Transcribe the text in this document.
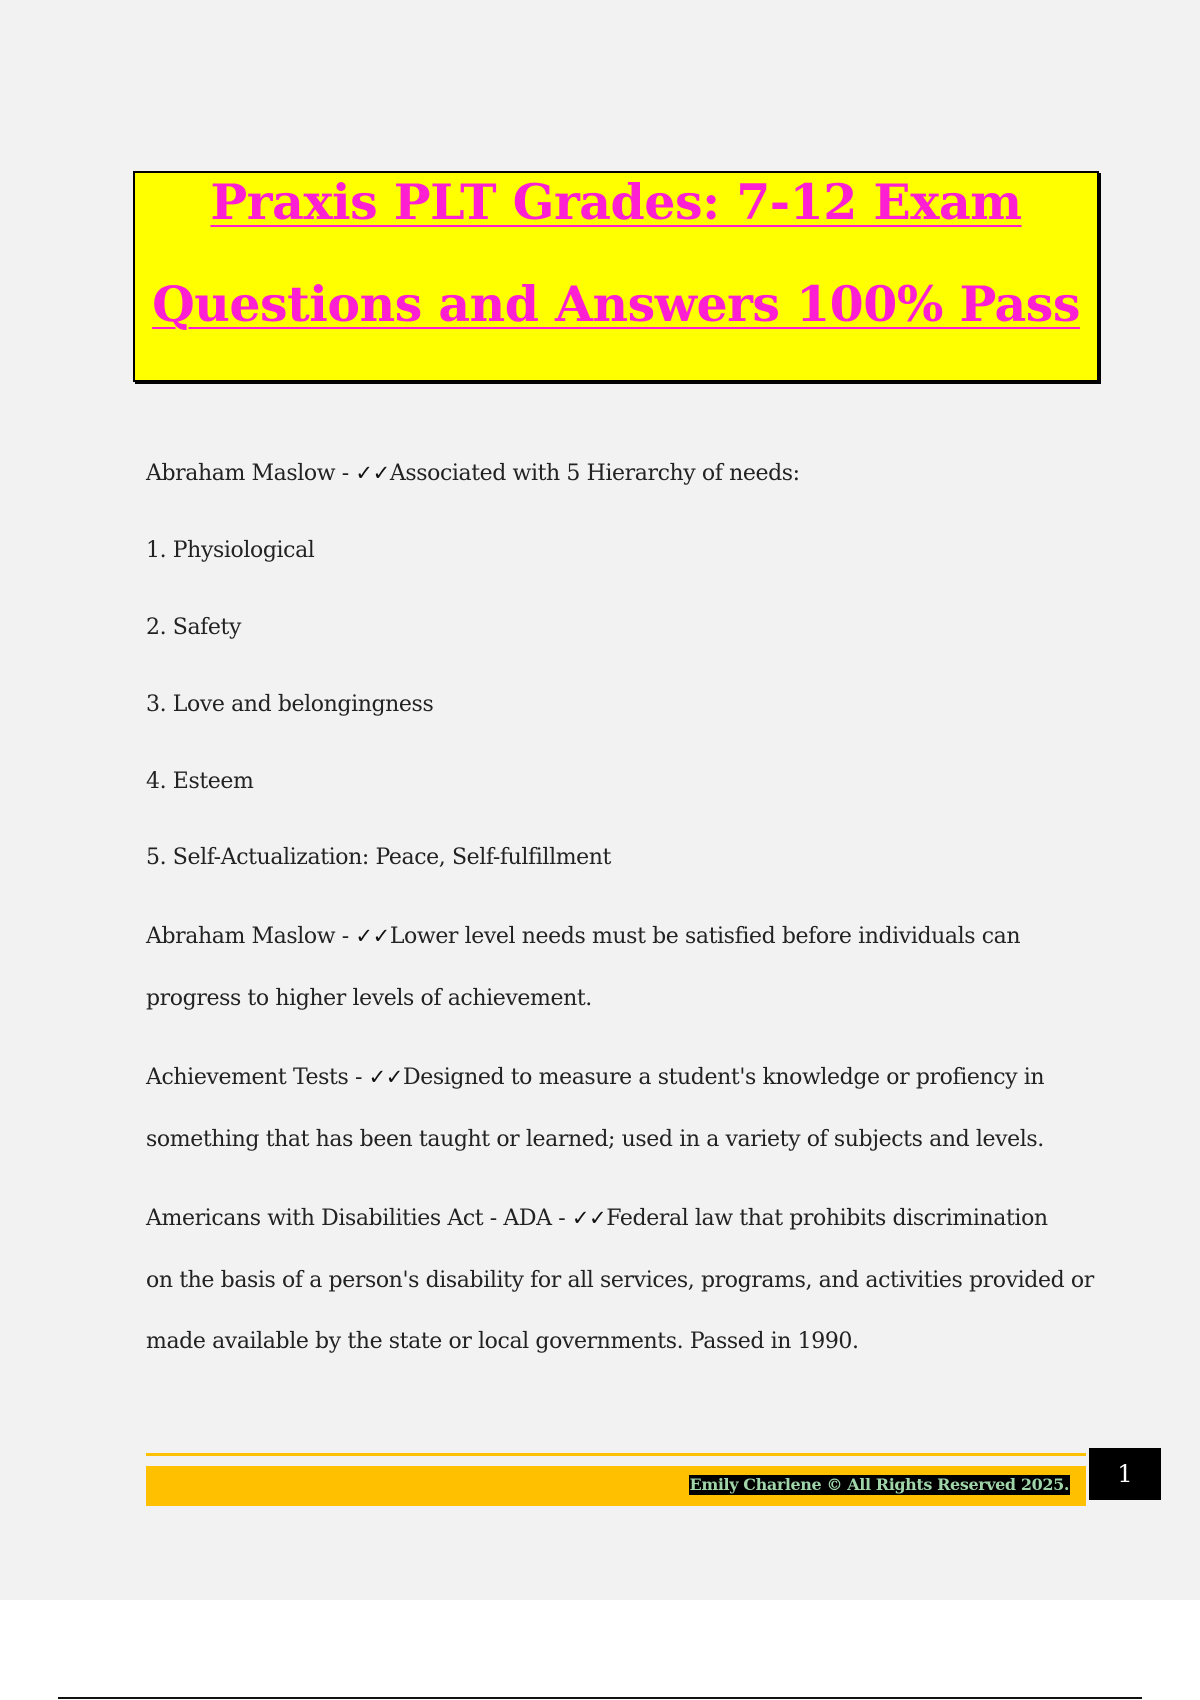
Praxis PLT Grades: 7-12 Exam
Questions and Answers 100% Pass
Abraham Maslow - ✓✓Associated with 5 Hierarchy of needs:
1. Physiological
2. Safety
3. Love and belongingness
4. Esteem
5. Self-Actualization: Peace, Self-fulfillment
Abraham Maslow - ✓✓Lower level needs must be satisfied before individuals can
progress to higher levels of achievement.
Achievement Tests - ✓✓Designed to measure a student's knowledge or profiency in
something that has been taught or learned; used in a variety of subjects and levels.
Americans with Disabilities Act - ADA - ✓✓Federal law that prohibits discrimination
on the basis of a person's disability for all services, programs, and activities provided or
made available by the state or local governments. Passed in 1990.
Emily Charlene © All Rights Reserved 2025.	1
